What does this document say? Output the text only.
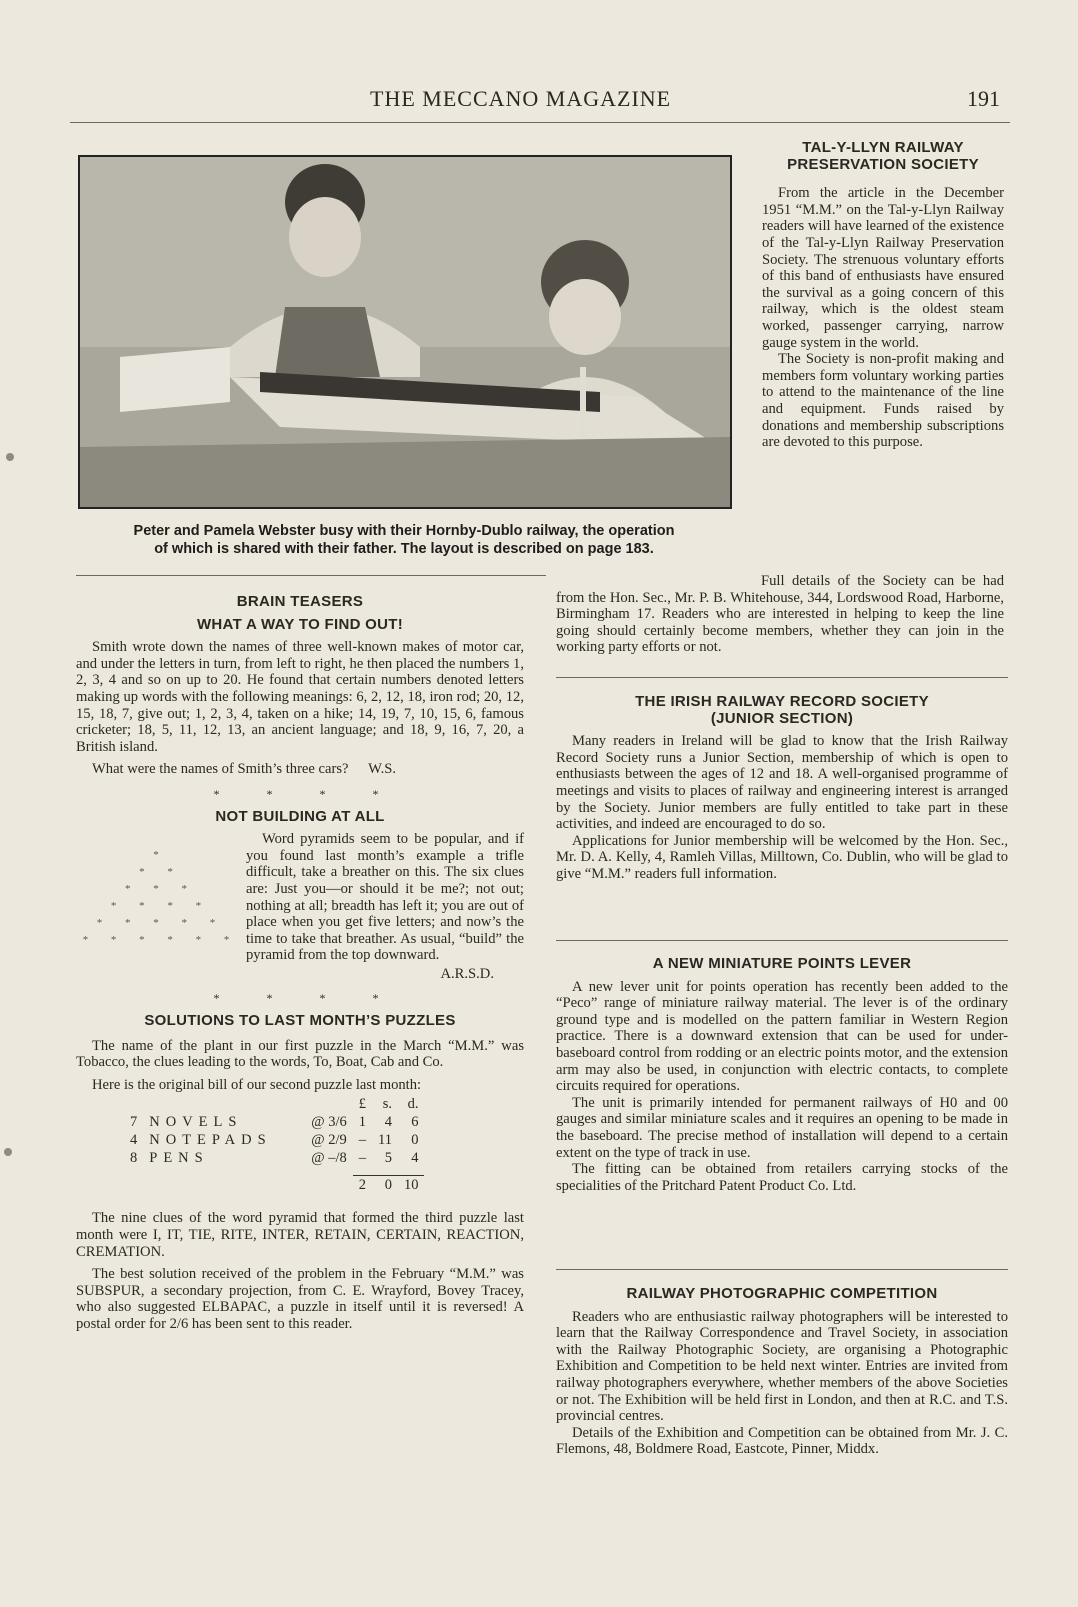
THE MECCANO MAGAZINE	191
Peter and Pamela Webster busy with their Hornby-Dublo railway, the operation
of which is shared with their father. The layout is described on page 183.
TAL-Y-LLYN RAILWAY
PRESERVATION SOCIETY

From the article in the December 1951 “M.M.” on the Tal-y-Llyn Railway readers will have learned of the existence of the Tal-y-Llyn Railway Preservation Society. The strenuous voluntary efforts of this band of enthusiasts have ensured the survival as a going concern of this railway, which is the oldest steam worked, passenger carrying, narrow gauge system in the world.

The Society is non-profit making and members form voluntary working parties to attend to the maintenance of the line and equipment. Funds raised by donations and membership subscriptions are devoted to this purpose.

Full details of the Society can be had from the Hon. Sec., Mr. P. B. Whitehouse, 344, Lordswood Road, Harborne, Birmingham 17. Readers who are interested in helping to keep the line going should certainly become members, whether they can join in the working party efforts or not.

BRAIN TEASERS
WHAT A WAY TO FIND OUT!

Smith wrote down the names of three well-known makes of motor car, and under the letters in turn, from left to right, he then placed the numbers 1, 2, 3, 4 and so on up to 20. He found that certain numbers denoted letters making up words with the following meanings: 6, 2, 12, 18, iron rod; 20, 12, 15, 18, 7, give out; 1, 2, 3, 4, taken on a hike; 14, 19, 7, 10, 15, 6, famous cricketer; 18, 5, 11, 12, 13, an ancient language; and 18, 9, 16, 7, 20, a British island.

What were the names of Smith’s three cars? W.S.

* * * *
NOT BUILDING AT ALL
*
* *
* * *
* * * *
* * * * *
* * * * * *

Word pyramids seem to be popular, and if you found last month’s example a trifle difficult, take a breather on this. The six clues are: Just you—or should it be me?; not out; nothing at all; breadth has left it; you are out of place when you get five letters; and now’s the time to take that breather. As usual, “build” the pyramid from the top downward.

A.R.S.D.
* * * *
SOLUTIONS TO LAST MONTH’S PUZZLES

The name of the plant in our first puzzle in the March “M.M.” was Tobacco, the clues leading to the words, To, Boat, Cab and Co.

Here is the original bill of our second puzzle last month:

			£	s.	d.
7	NOVELS	@ 3/6	1	4	6
4	NOTEPADS	@ 2/9	–	11	0
8	PENS	@ –/8	–	5	4

			2	0	10

The nine clues of the word pyramid that formed the third puzzle last month were I, IT, TIE, RITE, INTER, RETAIN, CERTAIN, REACTION, CREMATION.

The best solution received of the problem in the February “M.M.” was SUBSPUR, a secondary projection, from C. E. Wrayford, Bovey Tracey, who also suggested ELBAPAC, a puzzle in itself until it is reversed! A postal order for 2/6 has been sent to this reader.

THE IRISH RAILWAY RECORD SOCIETY
(JUNIOR SECTION)

Many readers in Ireland will be glad to know that the Irish Railway Record Society runs a Junior Section, membership of which is open to enthusiasts between the ages of 12 and 18. A well-organised programme of meetings and visits to places of railway and engineering interest is arranged by the Society. Junior members are fully entitled to take part in these activities, and indeed are encouraged to do so.

Applications for Junior membership will be welcomed by the Hon. Sec., Mr. D. A. Kelly, 4, Ramleh Villas, Milltown, Co. Dublin, who will be glad to give “M.M.” readers full information.

A NEW MINIATURE POINTS LEVER

A new lever unit for points operation has recently been added to the “Peco” range of miniature railway material. The lever is of the ordinary ground type and is modelled on the pattern familiar in Western Region practice. There is a downward extension that can be used for under-baseboard control from rodding or an electric points motor, and the extension arm may also be used, in conjunction with electric contacts, to complete circuits required for operations.

The unit is primarily intended for permanent railways of H0 and 00 gauges and similar miniature scales and it requires an opening to be made in the baseboard. The precise method of installation will depend to a certain extent on the type of track in use.

The fitting can be obtained from retailers carrying stocks of the specialities of the Pritchard Patent Product Co. Ltd.

RAILWAY PHOTOGRAPHIC COMPETITION

Readers who are enthusiastic railway photographers will be interested to learn that the Railway Correspondence and Travel Society, in association with the Railway Photographic Society, are organising a Photographic Exhibition and Competition to be held next winter. Entries are invited from railway photographers everywhere, whether members of the above Societies or not. The Exhibition will be held first in London, and then at R.C. and T.S. provincial centres.

Details of the Exhibition and Competition can be obtained from Mr. J. C. Flemons, 48, Boldmere Road, Eastcote, Pinner, Middx.
